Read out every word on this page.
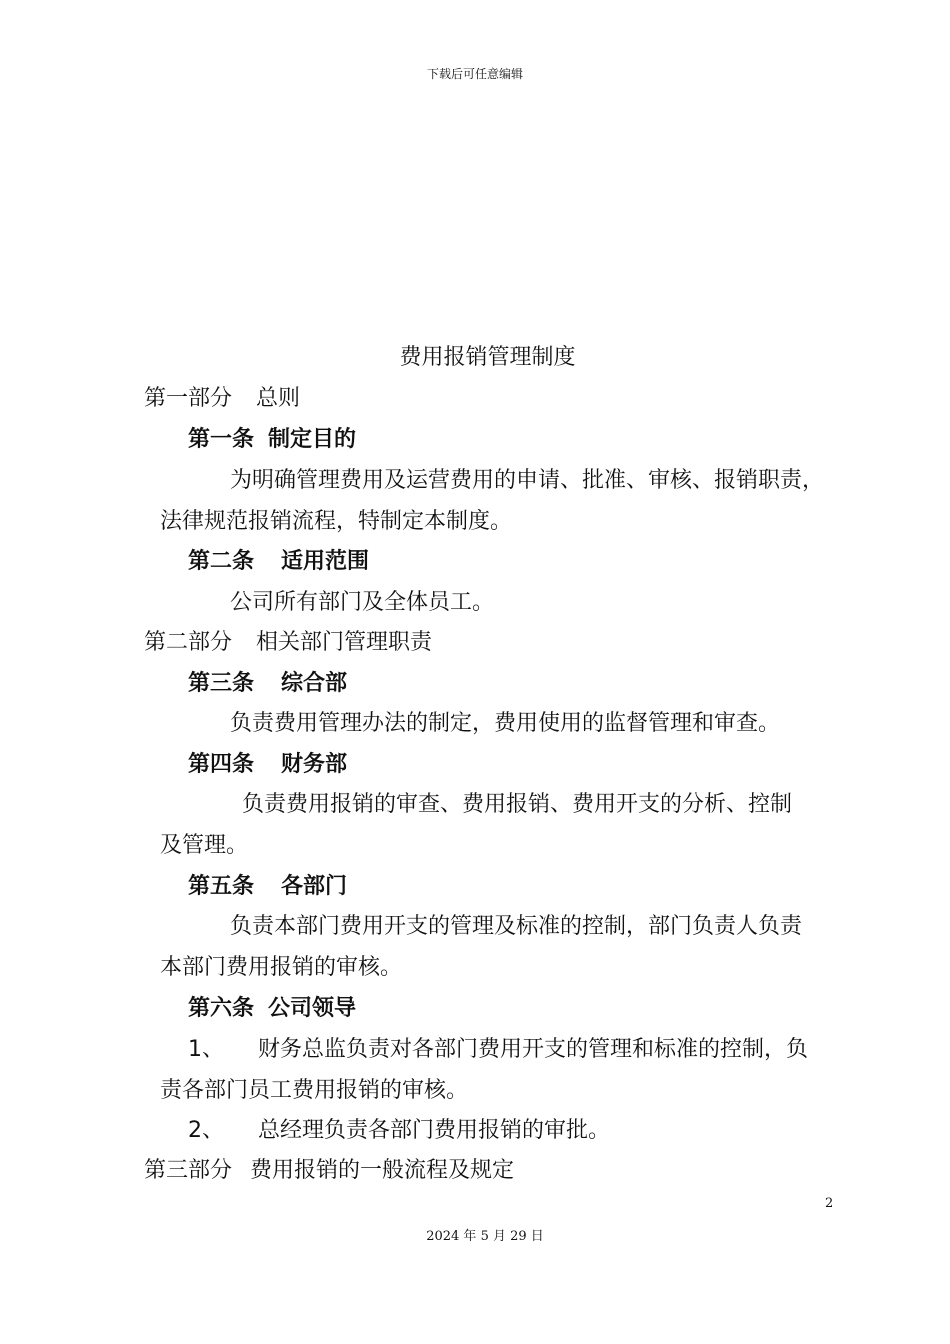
下载后可任意编辑
费用报销管理制度
第一部分 总则
第一条 制定目的
为明确管理费用及运营费用的申请、批准、审核、报销职责，
法律规范报销流程，特制定本制度。
第二条 适用范围
公司所有部门及全体员工。
第二部分 相关部门管理职责
第三条 综合部
负责费用管理办法的制定，费用使用的监督管理和审查。
第四条 财务部
负责费用报销的审查、费用报销、费用开支的分析、控制
及管理。
第五条 各部门
负责本部门费用开支的管理及标准的控制，部门负责人负责
本部门费用报销的审核。
第六条 公司领导
1、 财务总监负责对各部门费用开支的管理和标准的控制，负
责各部门员工费用报销的审核。
2、 总经理负责各部门费用报销的审批。
第三部分 费用报销的一般流程及规定
2
2024 年 5 月 29 日
